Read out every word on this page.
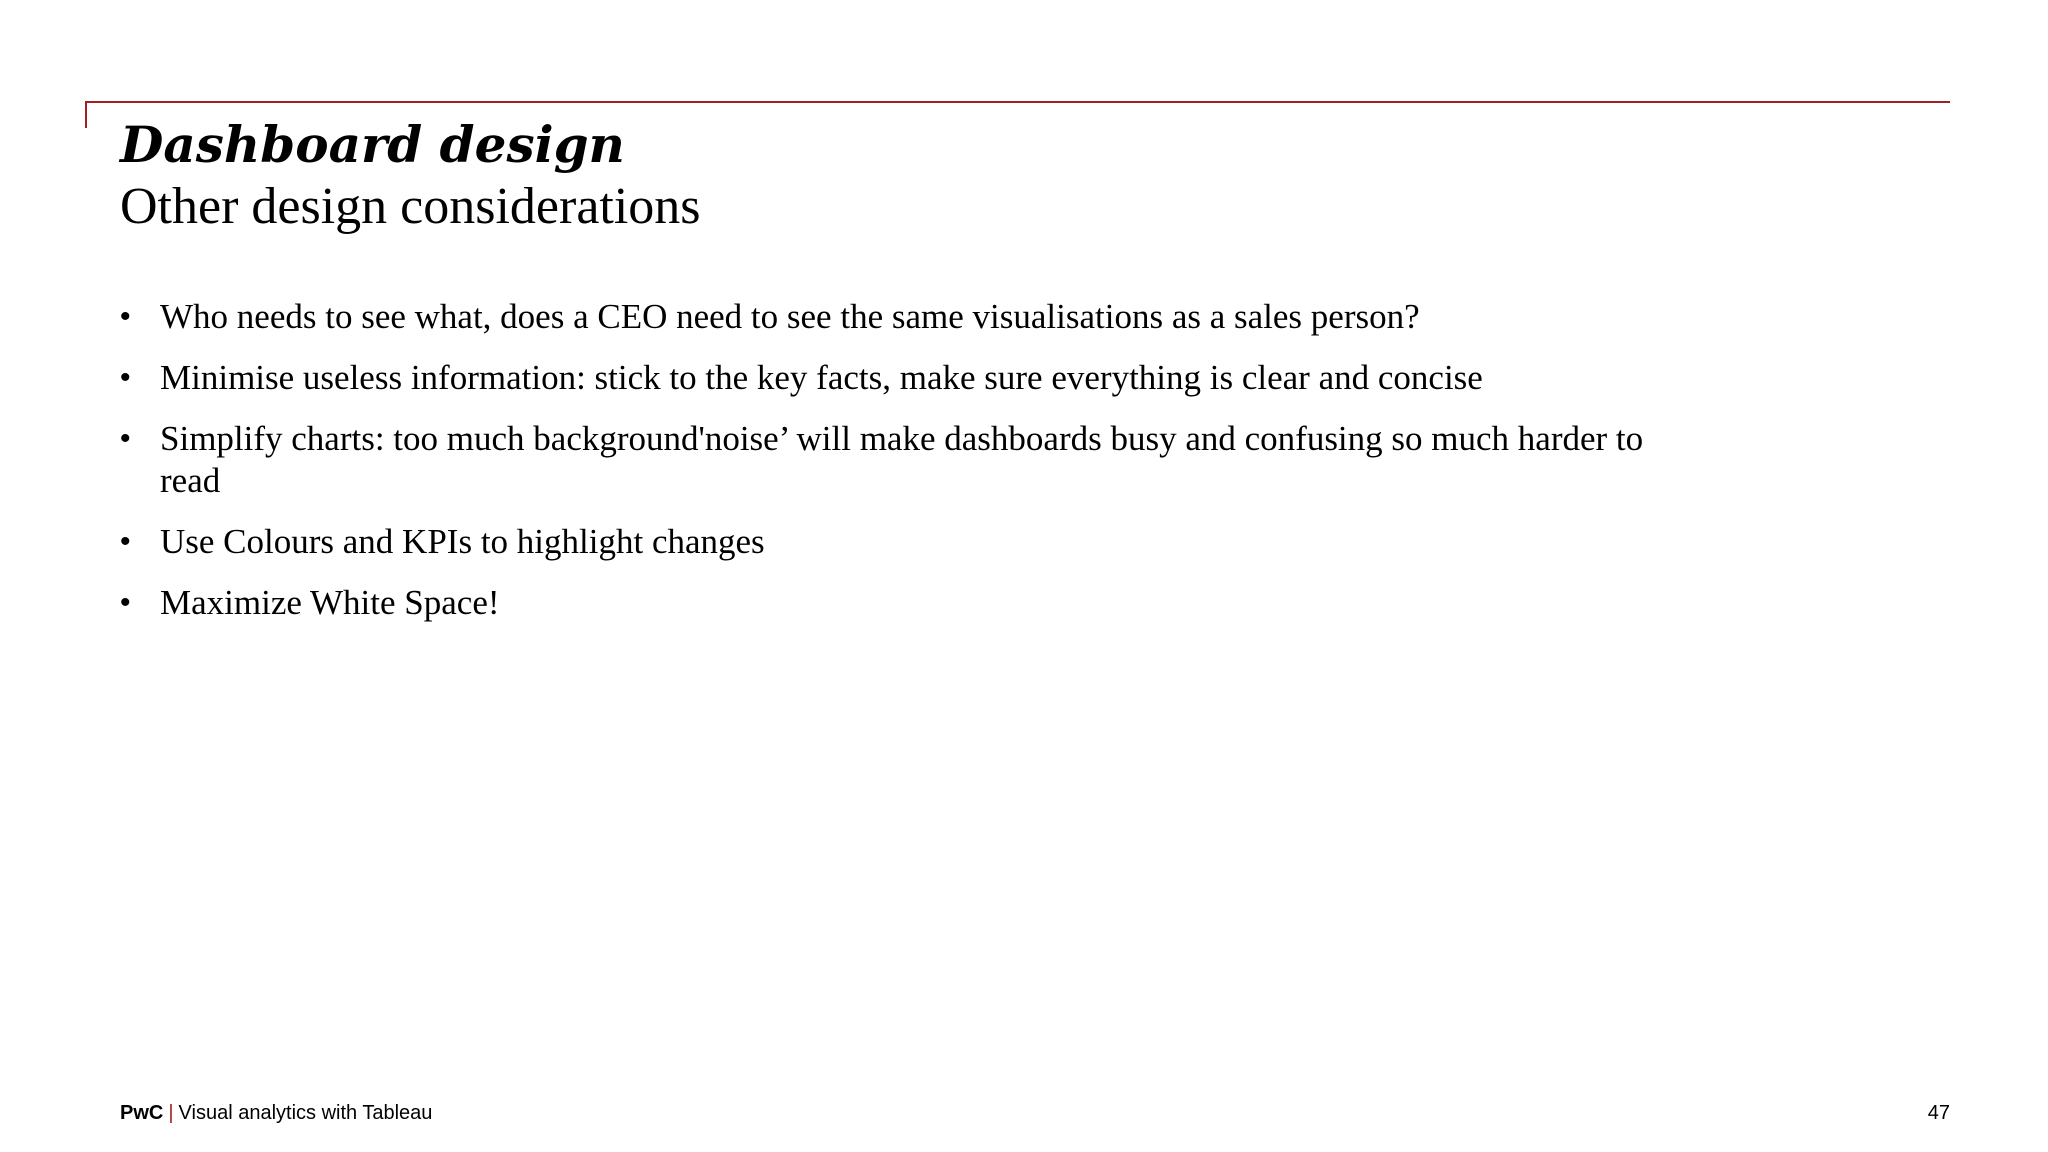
Dashboard design
Other design considerations
• Who needs to see what, does a CEO need to see the same visualisations as a sales person?
• Minimise useless information: stick to the key facts, make sure everything is clear and concise
• Simplify charts: too much background'noise’ will make dashboards busy and confusing so much harder to read
• Use Colours and KPIs to highlight changes
• Maximize White Space!
PwC | Visual analytics with Tableau	47
